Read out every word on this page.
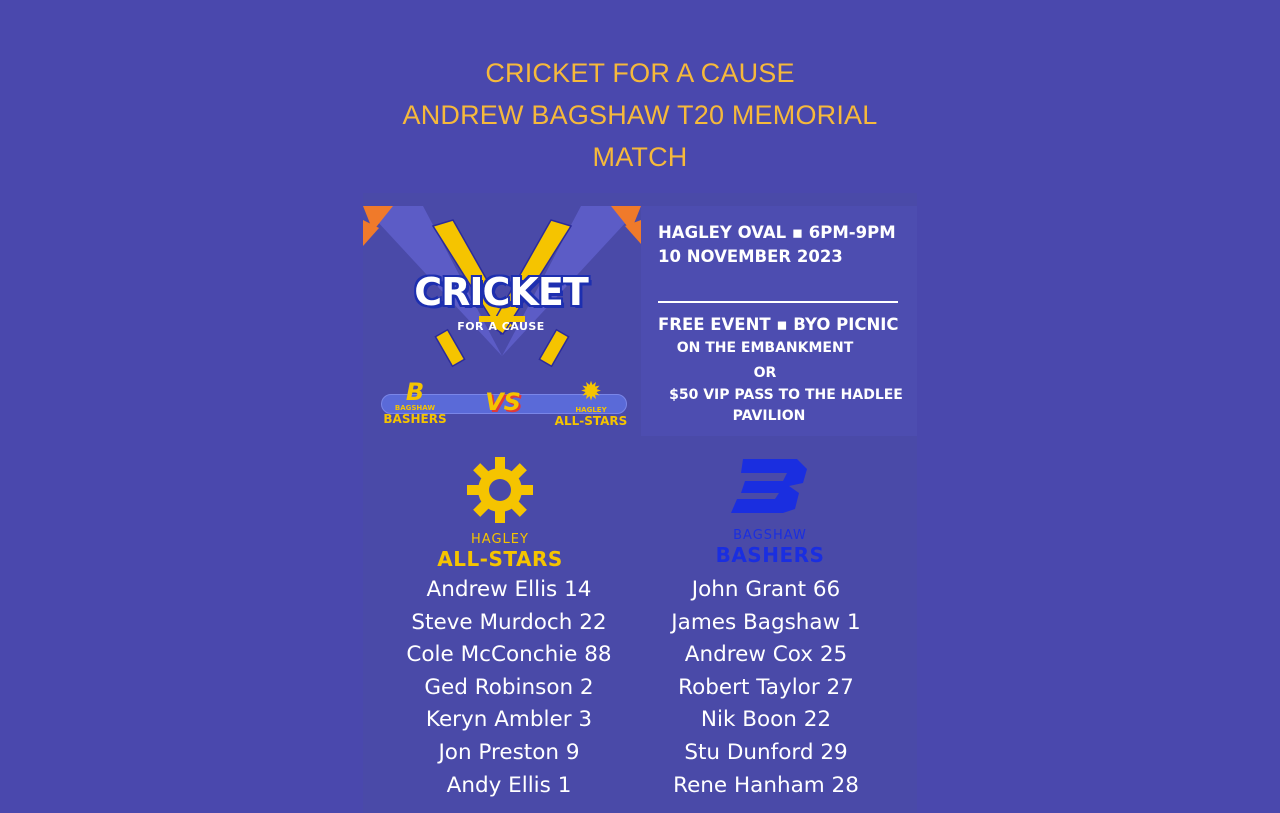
CRICKET FOR A CAUSE
ANDREW BAGSHAW T20 MEMORIAL
MATCH
CRICKET
FOR A CAUSE
B
BAGSHAW
BASHERS
VS	✹
HAGLEY
ALL-STARS
HAGLEY OVAL ▪ 6PM-9PM
10 NOVEMBER 2023
FREE EVENT ▪ BYO PICNIC
ON THE EMBANKMENT
OR
$50 VIP PASS TO THE HADLEE
PAVILION
HAGLEY
ALL-STARS
BAGSHAW
BASHERS
Andrew Ellis 14
Steve Murdoch 22
Cole McConchie 88
Ged Robinson 2
Keryn Ambler 3
Jon Preston 9
Andy Ellis 1
John Grant 66
James Bagshaw 1
Andrew Cox 25
Robert Taylor 27
Nik Boon 22
Stu Dunford 29
Rene Hanham 28
